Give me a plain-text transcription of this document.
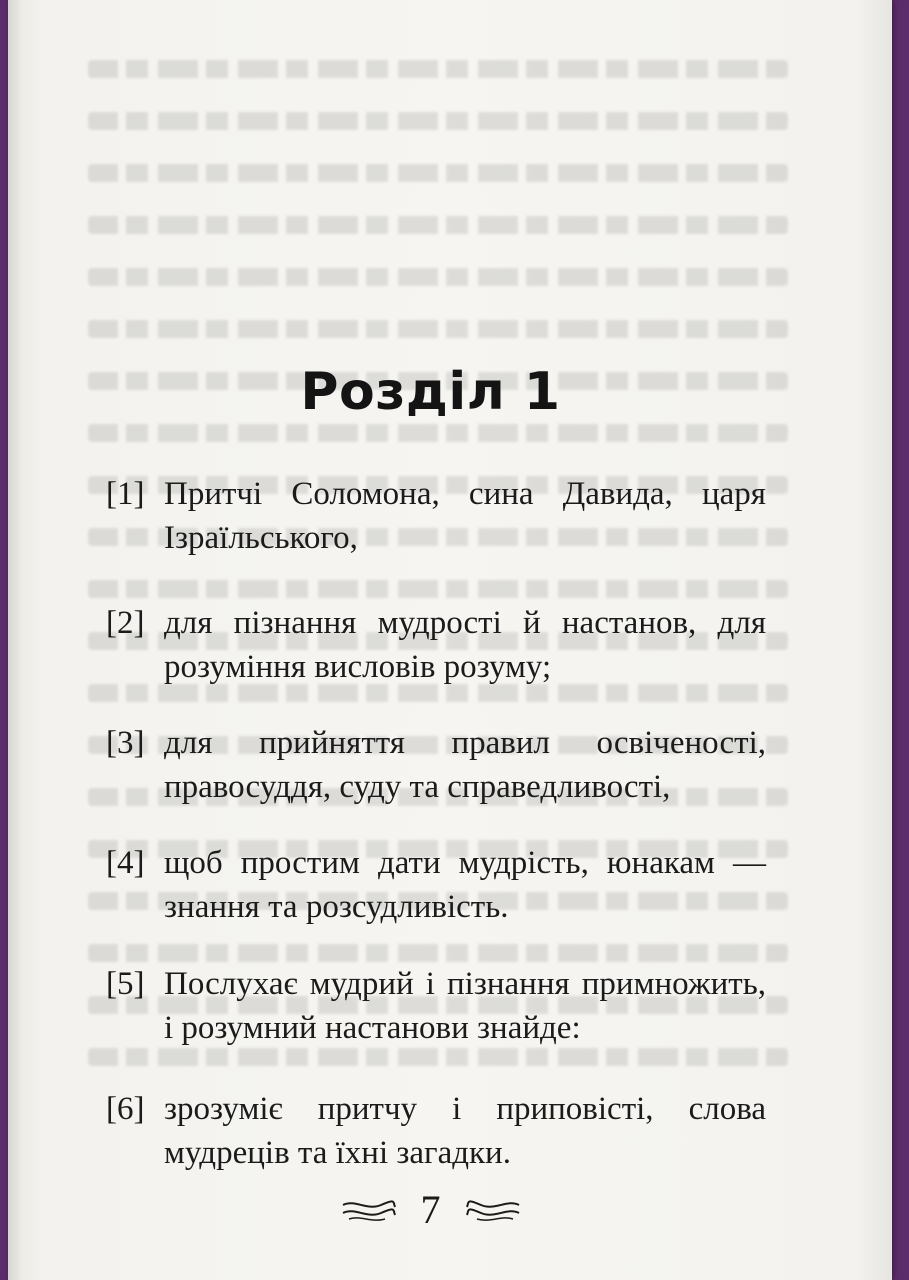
Розділ 1
[1] Притчі Соломона, сина Давида, царя Ізраїльського,
[2] для пізнання мудрості й настанов, для розуміння висловів розуму;
[3] для прийняття правил освіченості, правосуддя, суду та справедливості,
[4] щоб простим дати мудрість, юнакам — знання та розсудливість.
[5] Послухає мудрий і пізнання примножить, і розумний настанови знайде:
[6] зрозуміє притчу і приповісті, слова мудреців та їхні загадки.
7
